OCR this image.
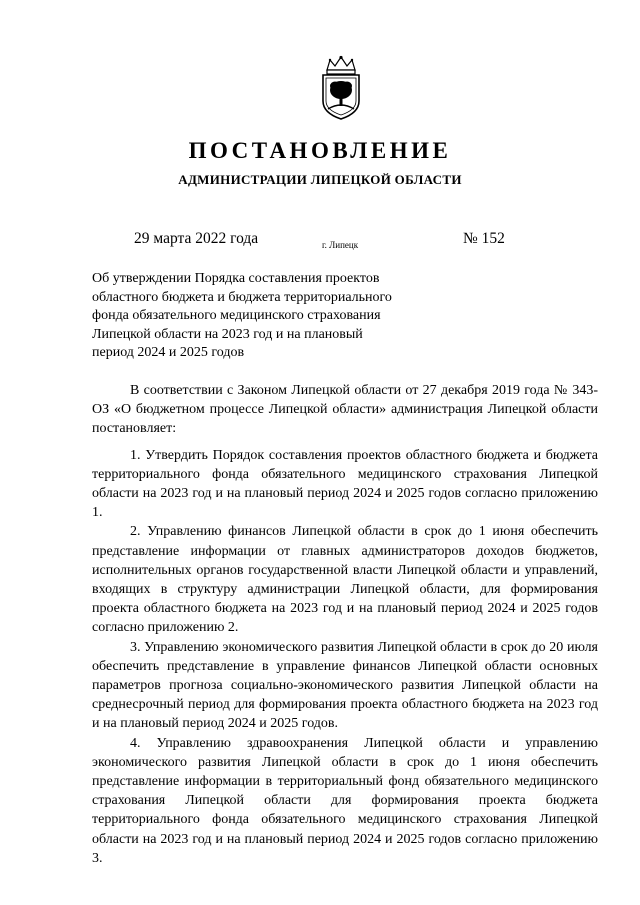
ПОСТАНОВЛЕНИЕ
АДМИНИСТРАЦИИ ЛИПЕЦКОЙ ОБЛАСТИ
29 марта 2022 года	г. Липецк	№ 152
Об утверждении Порядка составления проектов
областного бюджета и бюджета территориального
фонда обязательного медицинского страхования
Липецкой области на 2023 год и на плановый
период 2024 и 2025 годов

В соответствии с Законом Липецкой области от 27 декабря 2019 года № 343-ОЗ «О бюджетном процессе Липецкой области» администрация Липецкой области постановляет:

1. Утвердить Порядок составления проектов областного бюджета и бюджета территориального фонда обязательного медицинского страхования Липецкой области на 2023 год и на плановый период 2024 и 2025 годов согласно приложению 1.

2. Управлению финансов Липецкой области в срок до 1 июня обеспечить представление информации от главных администраторов доходов бюджетов, исполнительных органов государственной власти Липецкой области и управлений, входящих в структуру администрации Липецкой области, для формирования проекта областного бюджета на 2023 год и на плановый период 2024 и 2025 годов согласно приложению 2.

3. Управлению экономического развития Липецкой области в срок до 20 июля обеспечить представление в управление финансов Липецкой области основных параметров прогноза социально-экономического развития Липецкой области на среднесрочный период для формирования проекта областного бюджета на 2023 год и на плановый период 2024 и 2025 годов.

4. Управлению здравоохранения Липецкой области и управлению экономического развития Липецкой области в срок до 1 июня обеспечить представление информации в территориальный фонд обязательного медицинского страхования Липецкой области для формирования проекта бюджета территориального фонда обязательного медицинского страхования Липецкой области на 2023 год и на плановый период 2024 и 2025 годов согласно приложению 3.
